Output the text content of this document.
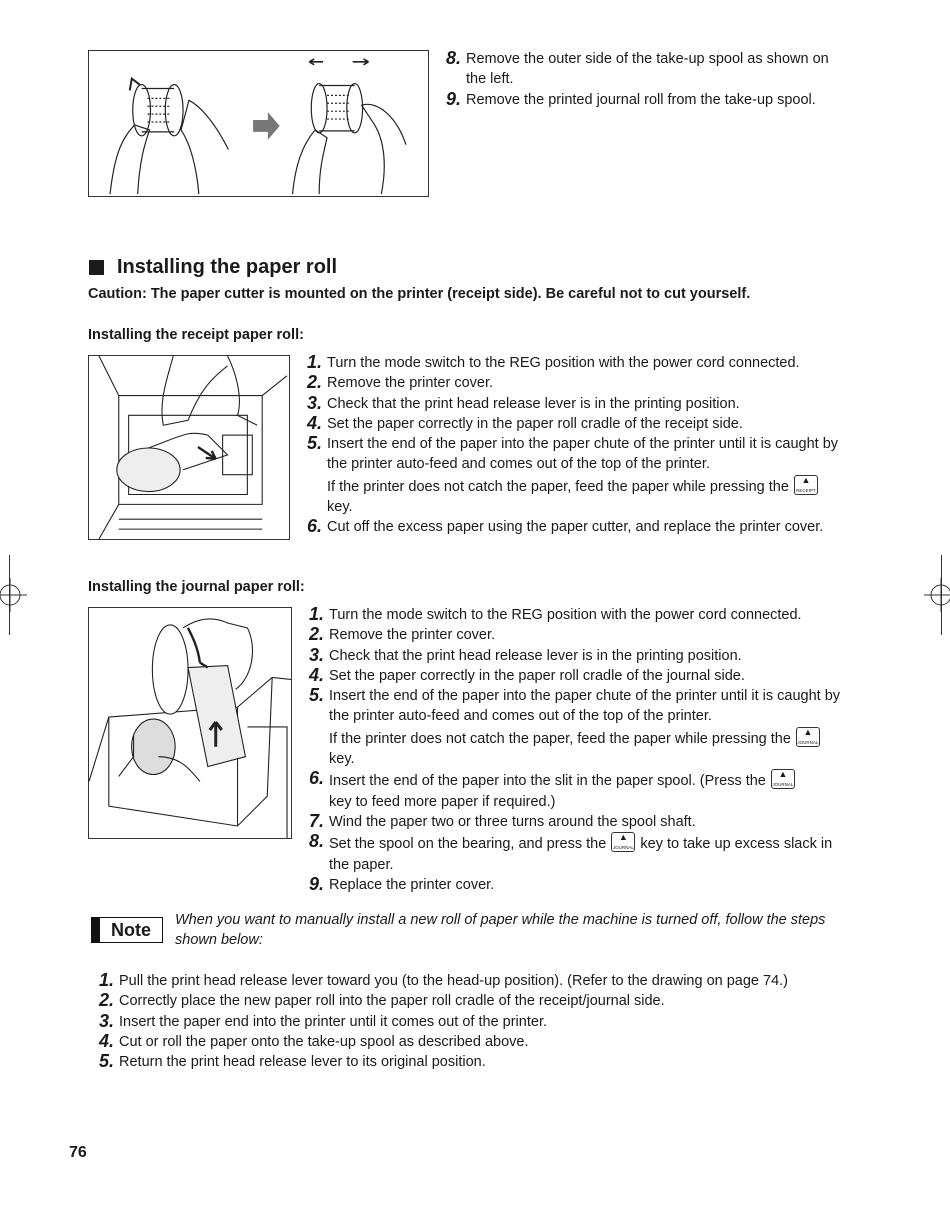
8. Remove the outer side of the take-up spool as shown on the left.
9. Remove the printed journal roll from the take-up spool.
Installing the paper roll
Caution: The paper cutter is mounted on the printer (receipt side). Be careful not to cut yourself.
Installing the receipt paper roll:
1. Turn the mode switch to the REG position with the power cord connected.
2. Remove the printer cover.
3. Check that the print head release lever is in the printing position.
4. Set the paper correctly in the paper roll cradle of the receipt side.
5. Insert the end of the paper into the paper chute of the printer until it is caught by the printer auto-feed and comes out of the top of the printer.
If the printer does not catch the paper, feed the paper while pressing the	▲
RECEIPT

key.
6. Cut off the excess paper using the paper cutter, and replace the printer cover.
Installing the journal paper roll:
1. Turn the mode switch to the REG position with the power cord connected.
2. Remove the printer cover.
3. Check that the print head release lever is in the printing position.
4. Set the paper correctly in the paper roll cradle of the journal side.
5. Insert the end of the paper into the paper chute of the printer until it is caught by the printer auto-feed and comes out of the top of the printer.
If the printer does not catch the paper, feed the paper while pressing the	▲
JOURNAL

key.
6. Insert the end of the paper into the slit in the paper spool. (Press the	▲
JOURNAL

key to feed more paper if required.)
7. Wind the paper two or three turns around the spool shaft.
8. Set the spool on the bearing, and press the	▲
JOURNAL key to take up excess slack in the paper.
9. Replace the printer cover.
Note	When you want to manually install a new roll of paper while the machine is turned off, follow the steps shown below:
1. Pull the print head release lever toward you (to the head-up position). (Refer to the drawing on page 74.)
2. Correctly place the new paper roll into the paper roll cradle of the receipt/journal side.
3. Insert the paper end into the printer until it comes out of the printer.
4. Cut or roll the paper onto the take-up spool as described above.
5. Return the print head release lever to its original position.
76
